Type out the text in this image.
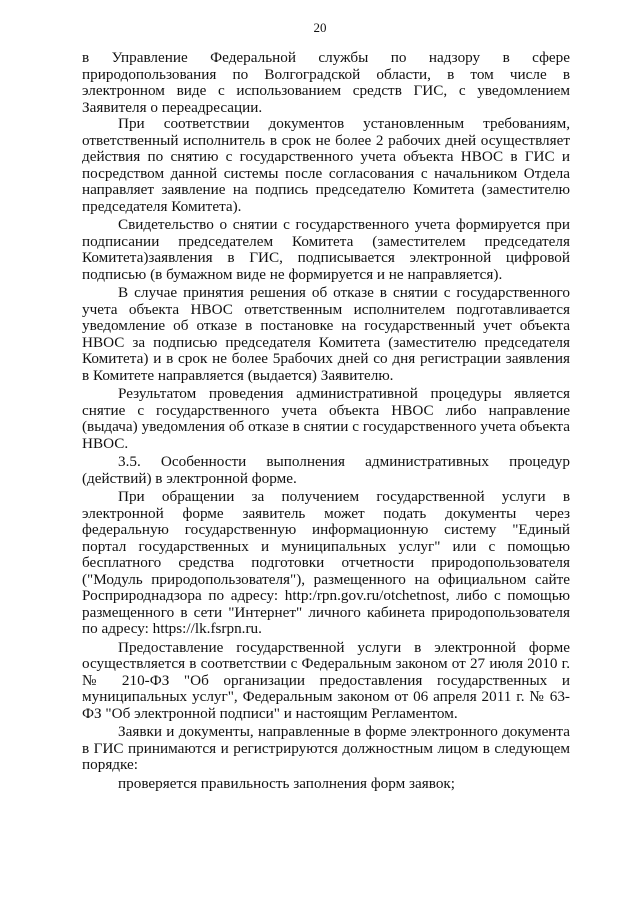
20

в Управление Федеральной службы по надзору в сфере природопользования по Волгоградской области, в том числе в электронном виде с использованием средств ГИС, с уведомлением Заявителя о переадресации.

При соответствии документов установленным требованиям, ответственный исполнитель в срок не более 2 рабочих дней осуществляет действия по снятию с государственного учета объекта НВОС в ГИС и посредством данной системы после согласования с начальником Отдела направляет заявление на подпись председателю Комитета (заместителю председателя Комитета).

Свидетельство о снятии с государственного учета формируется при подписании председателем Комитета (заместителем председателя Комитета)заявления в ГИС, подписывается электронной цифровой подписью (в бумажном виде не формируется и не направляется).

В случае принятия решения об отказе в снятии с государственного учета объекта НВОС ответственным исполнителем подготавливается уведомление об отказе в постановке на государственный учет объекта НВОС за подписью председателя Комитета (заместителю председателя Комитета) и в срок не более 5рабочих дней со дня регистрации заявления в Комитете направляется (выдается) Заявителю.

Результатом проведения административной процедуры является снятие с государственного учета объекта НВОС либо направление (выдача) уведомления об отказе в снятии с государственного учета объекта НВОС.

3.5. Особенности выполнения административных процедур (действий) в электронной форме.

При обращении за получением государственной услуги в электронной форме заявитель может подать документы через федеральную государственную информационную систему "Единый портал государственных и муниципальных услуг" или с помощью бесплатного средства подготовки отчетности природопользователя ("Модуль природопользователя"), размещенного на официальном сайте Росприроднадзора по адресу: http:/rpn.gov.ru/otchetnost, либо с помощью размещенного в сети "Интернет" личного кабинета природопользователя по адресу: https://lk.fsrpn.ru.

Предоставление государственной услуги в электронной форме осуществляется в соответствии с Федеральным законом от 27 июля 2010 г. № 210-ФЗ "Об организации предоставления государственных и муниципальных услуг", Федеральным законом от 06 апреля 2011 г. № 63-ФЗ "Об электронной подписи" и настоящим Регламентом.

Заявки и документы, направленные в форме электронного документа в ГИС принимаются и регистрируются должностным лицом в следующем порядке:

проверяется правильность заполнения форм заявок;
